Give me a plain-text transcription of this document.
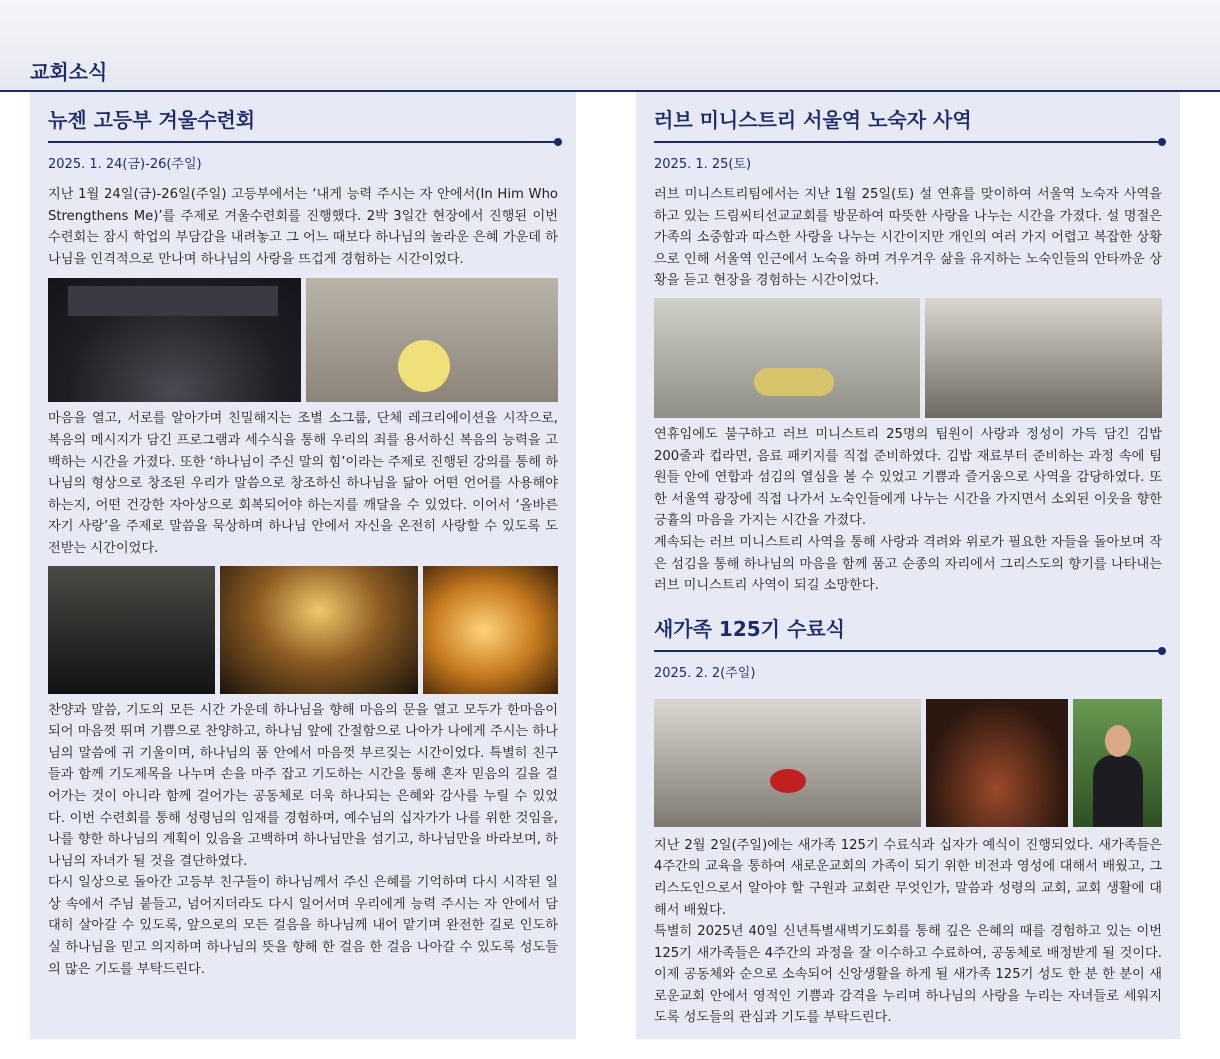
교회소식
뉴젠 고등부 겨울수련회
2025. 1. 24(금)-26(주일)

지난 1월 24일(금)-26일(주일) 고등부에서는 ‘내게 능력 주시는 자 안에서(In Him Who Strengthens Me)’를 주제로 겨울수련회를 진행했다. 2박 3일간 현장에서 진행된 이번 수련회는 잠시 학업의 부담감을 내려놓고 그 어느 때보다 하나님의 놀라운 은혜 가운데 하나님을 인격적으로 만나며 하나님의 사랑을 뜨겁게 경험하는 시간이었다.

마음을 열고, 서로를 알아가며 친밀해지는 조별 소그룹, 단체 레크리에이션을 시작으로, 복음의 메시지가 담긴 프로그램과 세수식을 통해 우리의 죄를 용서하신 복음의 능력을 고백하는 시간을 가졌다. 또한 ‘하나님이 주신 말의 힘’이라는 주제로 진행된 강의를 통해 하나님의 형상으로 창조된 우리가 말씀으로 창조하신 하나님을 닮아 어떤 언어를 사용해야 하는지, 어떤 건강한 자아상으로 회복되어야 하는지를 깨달을 수 있었다. 이어서 ‘올바른 자기 사랑’을 주제로 말씀을 묵상하며 하나님 안에서 자신을 온전히 사랑할 수 있도록 도전받는 시간이었다.

찬양과 말씀, 기도의 모든 시간 가운데 하나님을 향해 마음의 문을 열고 모두가 한마음이 되어 마음껏 뛰며 기쁨으로 찬양하고, 하나님 앞에 간절함으로 나아가 나에게 주시는 하나님의 말씀에 귀 기울이며, 하나님의 품 안에서 마음껏 부르짖는 시간이었다. 특별히 친구들과 함께 기도제목을 나누며 손을 마주 잡고 기도하는 시간을 통해 혼자 믿음의 길을 걸어가는 것이 아니라 함께 걸어가는 공동체로 더욱 하나되는 은혜와 감사를 누릴 수 있었다. 이번 수련회를 통해 성령님의 임재를 경험하며, 예수님의 십자가가 나를 위한 것임을, 나를 향한 하나님의 계획이 있음을 고백하며 하나님만을 섬기고, 하나님만을 바라보며, 하나님의 자녀가 될 것을 결단하였다.

다시 일상으로 돌아간 고등부 친구들이 하나님께서 주신 은혜를 기억하며 다시 시작된 일상 속에서 주님 붙들고, 넘어지더라도 다시 일어서며 우리에게 능력 주시는 자 안에서 담대히 살아갈 수 있도록, 앞으로의 모든 걸음을 하나님께 내어 맡기며 완전한 길로 인도하실 하나님을 믿고 의지하며 하나님의 뜻을 향해 한 걸음 한 걸음 나아갈 수 있도록 성도들의 많은 기도를 부탁드린다.

러브 미니스트리 서울역 노숙자 사역
2025. 1. 25(토)

러브 미니스트리팀에서는 지난 1월 25일(토) 설 연휴를 맞이하여 서울역 노숙자 사역을 하고 있는 드림씨티선교교회를 방문하여 따뜻한 사랑을 나누는 시간을 가졌다. 설 명절은 가족의 소중함과 따스한 사랑을 나누는 시간이지만 개인의 여러 가지 어렵고 복잡한 상황으로 인해 서울역 인근에서 노숙을 하며 겨우겨우 삶을 유지하는 노숙인들의 안타까운 상황을 듣고 현장을 경험하는 시간이었다.

연휴임에도 불구하고 러브 미니스트리 25명의 팀원이 사랑과 정성이 가득 담긴 김밥 200줄과 컵라면, 음료 패키지를 직접 준비하였다. 김밥 재료부터 준비하는 과정 속에 팀원들 안에 연합과 섬김의 열심을 볼 수 있었고 기쁨과 즐거움으로 사역을 감당하였다. 또한 서울역 광장에 직접 나가서 노숙인들에게 나누는 시간을 가지면서 소외된 이웃을 향한 긍휼의 마음을 가지는 시간을 가졌다.

계속되는 러브 미니스트리 사역을 통해 사랑과 격려와 위로가 필요한 자들을 돌아보며 작은 섬김을 통해 하나님의 마음을 함께 품고 순종의 자리에서 그리스도의 향기를 나타내는 러브 미니스트리 사역이 되길 소망한다.

새가족 125기 수료식
2025. 2. 2(주일)

지난 2월 2일(주일)에는 새가족 125기 수료식과 십자가 예식이 진행되었다. 새가족들은 4주간의 교육을 통하여 새로운교회의 가족이 되기 위한 비전과 영성에 대해서 배웠고, 그리스도인으로서 알아야 할 구원과 교회란 무엇인가, 말씀과 성령의 교회, 교회 생활에 대해서 배웠다.

특별히 2025년 40일 신년특별새벽기도회를 통해 깊은 은혜의 때를 경험하고 있는 이번 125기 새가족들은 4주간의 과정을 잘 이수하고 수료하여, 공동체로 배정받게 될 것이다. 이제 공동체와 순으로 소속되어 신앙생활을 하게 될 새가족 125기 성도 한 분 한 분이 새로운교회 안에서 영적인 기쁨과 감격을 누리며 하나님의 사랑을 누리는 자녀들로 세워지도록 성도들의 관심과 기도를 부탁드린다.
